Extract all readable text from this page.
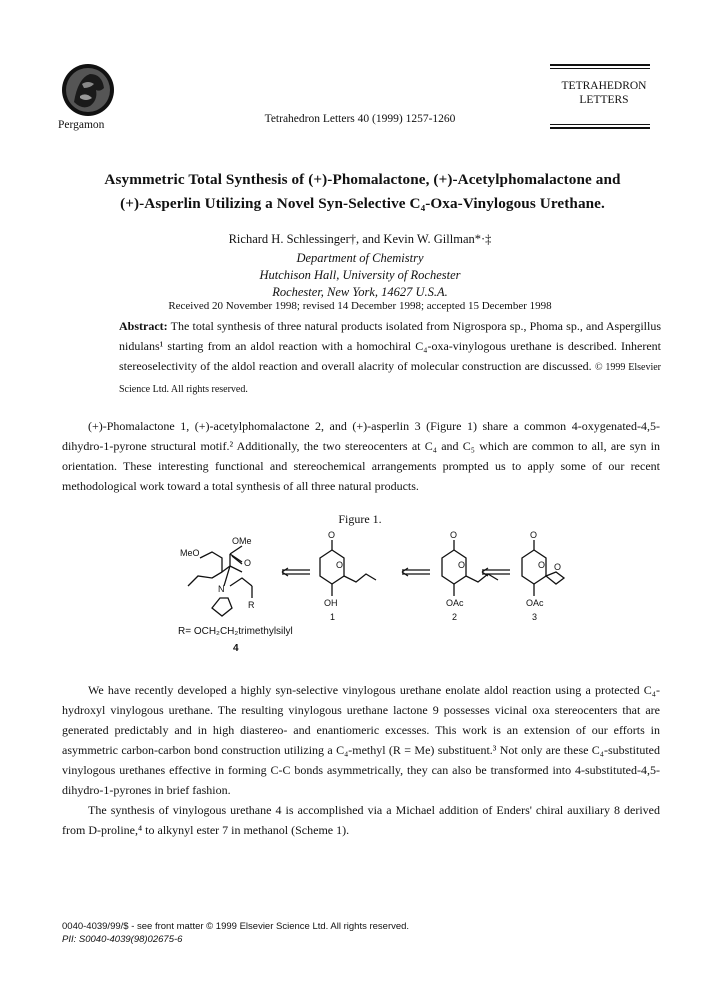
Pergamon	Tetrahedron Letters 40 (1999) 1257-1260
TETRAHEDRON
LETTERS
Asymmetric Total Synthesis of (+)-Phomalactone, (+)-Acetylphomalactone and
(+)-Asperlin Utilizing a Novel Syn-Selective C₄-Oxa-Vinylogous Urethane.
Richard H. Schlessinger†, and Kevin W. Gillman*·‡
Department of Chemistry
Hutchison Hall, University of Rochester
Rochester, New York, 14627 U.S.A.
Received 20 November 1998; revised 14 December 1998; accepted 15 December 1998
Abstract: The total synthesis of three natural products isolated from Nigrospora sp., Phoma sp., and Aspergillus nidulans¹ starting from an aldol reaction with a homochiral C₄-oxa-vinylogous urethane is described. Inherent stereoselectivity of the aldol reaction and overall alacrity of molecular construction are discussed. © 1999 Elsevier Science Ltd. All rights reserved.
(+)-Phomalactone 1, (+)-acetylphomalactone 2, and (+)-asperlin 3 (Figure 1) share a common 4-oxygenated-4,5-dihydro-1-pyrone structural motif.² Additionally, the two stereocenters at C₄ and C₅ which are common to all, are syn in orientation. These interesting functional and stereochemical arrangements prompted us to apply some of our recent methodological work toward a total synthesis of all three natural products.
Figure 1.
OMe
MeO
N
O
R
O
O
OH
O
O
OAc
O
O O
OAc
1	2	3
R= OCH₂CH₂trimethylsilyl
4
We have recently developed a highly syn-selective vinylogous urethane enolate aldol reaction using a protected C₄-hydroxyl vinylogous urethane. The resulting vinylogous urethane lactone 9 possesses vicinal oxa stereocenters that are generated predictably and in high diastereo- and enantiomeric excesses. This work is an extension of our efforts in asymmetric carbon-carbon bond construction utilizing a C₄-methyl (R = Me) substituent.³ Not only are these C₄-substituted vinylogous urethanes effective in forming C-C bonds asymmetrically, they can also be transformed into 4-substituted-4,5-dihydro-1-pyrones in brief fashion.
The synthesis of vinylogous urethane 4 is accomplished via a Michael addition of Enders' chiral auxiliary 8 derived from D-proline,⁴ to alkynyl ester 7 in methanol (Scheme 1).
0040-4039/99/$ - see front matter © 1999 Elsevier Science Ltd. All rights reserved.
PII: S0040-4039(98)02675-6
